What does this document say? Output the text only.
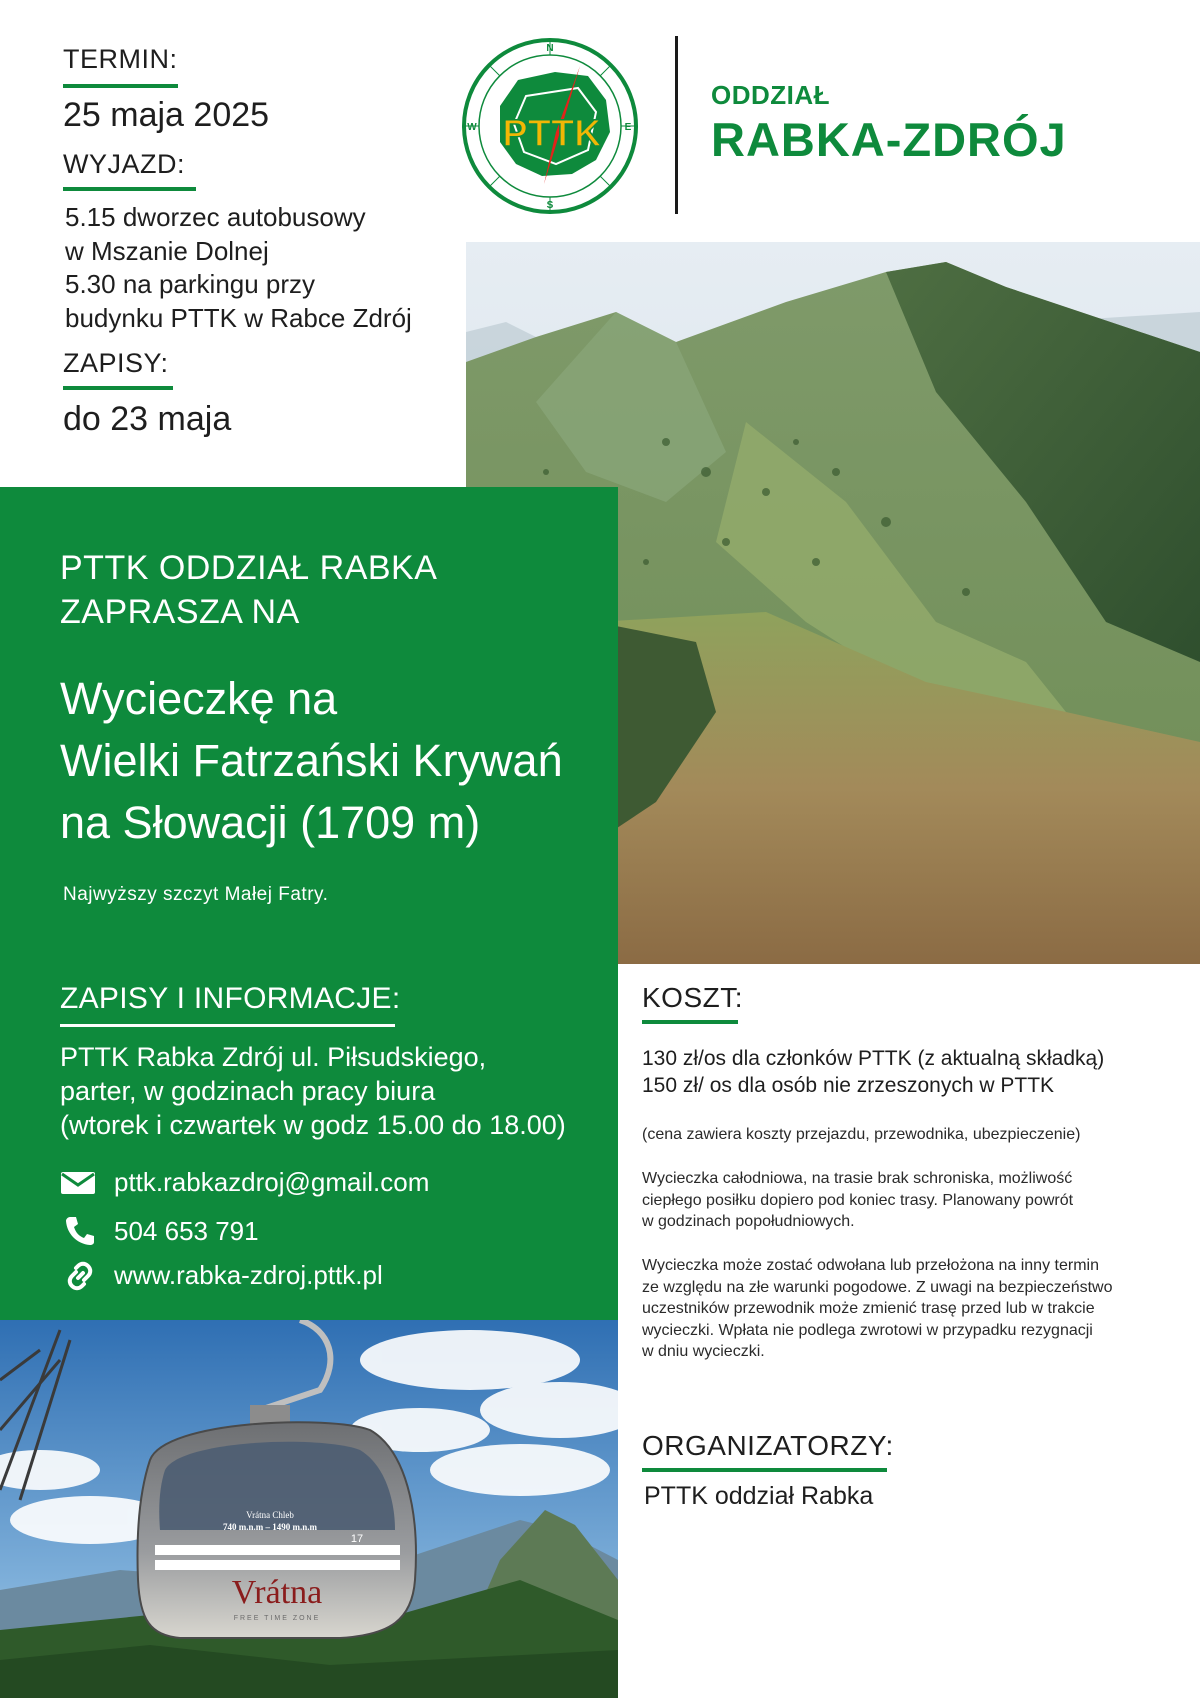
TERMIN:
25 maja 2025
WYJAZD:
5.15 dworzec autobusowy
w Mszanie Dolnej
5.30 na parkingu przy
budynku PTTK w Rabce Zdrój
ZAPISY:
do 23 maja
PTTK
N
S
W	E
ODDZIAŁ
RABKA-ZDRÓJ
PTTK ODDZIAŁ RABKA
ZAPRASZA NA
Wycieczkę na
Wielki Fatrzański Krywań
na Słowacji (1709 m)
Najwyższy szczyt Małej Fatry.
ZAPISY I INFORMACJE:
PTTK Rabka Zdrój ul. Piłsudskiego,
parter, w godzinach pracy biura
(wtorek i czwartek w godz 15.00 do 18.00)
pttk.rabkazdroj@gmail.com
504 653 791
www.rabka-zdroj.pttk.pl
Vrátna Chleb
740 m.n.m – 1490 m.n.m
17
Vrátna
FREE TIME ZONE
KOSZT:
130 zł/os dla członków PTTK (z aktualną składką)
150 zł/ os dla osób nie zrzeszonych w PTTK
(cena zawiera koszty przejazdu, przewodnika, ubezpieczenie)
Wycieczka całodniowa, na trasie brak schroniska, możliwość
ciepłego posiłku dopiero pod koniec trasy. Planowany powrót
w godzinach popołudniowych.
Wycieczka może zostać odwołana lub przełożona na inny termin
ze względu na złe warunki pogodowe. Z uwagi na bezpieczeństwo
uczestników przewodnik może zmienić trasę przed lub w trakcie
wycieczki. Wpłata nie podlega zwrotowi w przypadku rezygnacji
w dniu wycieczki.
ORGANIZATORZY:
PTTK oddział Rabka
